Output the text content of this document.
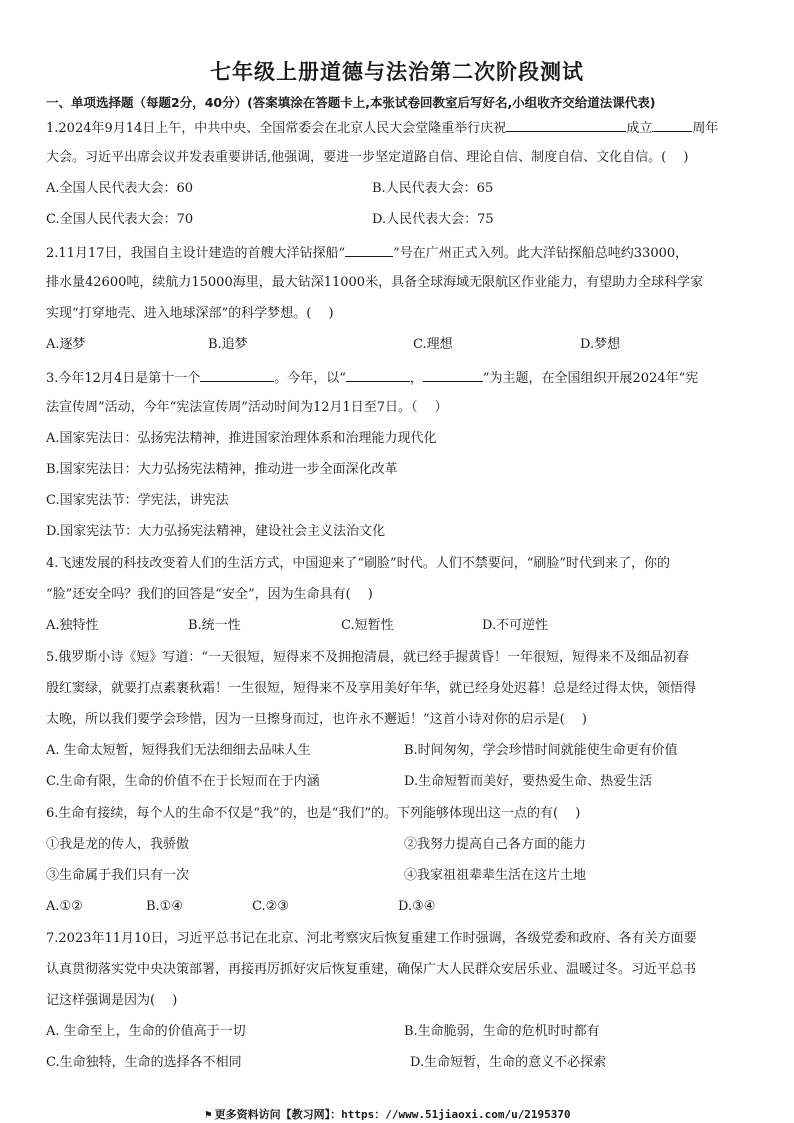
七年级上册道德与法治第二次阶段测试
一、单项选择题（每题2分，40分）(答案填涂在答题卡上,本张试卷回教室后写好名,小组收齐交给道法课代表)
1.2024年9月14日上午，中共中央、全国常委会在北京人民大会堂隆重举行庆祝	成立	周年
大会。习近平出席会议并发表重要讲话,他强调，要进一步坚定道路自信、理论自信、制度自信、文化自信。(　 )
A.全国人民代表大会：60	B.人民代表大会：65
C.全国人民代表大会：70	D.人民代表大会：75
2.11月17日，我国自主设计建造的首艘大洋钻探船“	”号在广州正式入列。此大洋钻探船总吨约33000，
排水量42600吨，续航力15000海里，最大钻深11000米，具备全球海域无限航区作业能力，有望助力全球科学家
实现“打穿地壳、进入地球深部”的科学梦想。(　 )
A.逐梦	B.追梦	C.理想	D.梦想
3.今年12月4日是第十一个	。今年，以“	，	”为主题，在全国组织开展2024年“宪
法宣传周”活动，今年“宪法宣传周”活动时间为12月1日至7日。（　 ）
A.国家宪法日：弘扬宪法精神，推进国家治理体系和治理能力现代化
B.国家宪法日：大力弘扬宪法精神，推动进一步全面深化改革
C.国家宪法节：学宪法，讲宪法
D.国家宪法节：大力弘扬宪法精神，建设社会主义法治文化
4.飞速发展的科技改变着人们的生活方式，中国迎来了“刷脸”时代。人们不禁要问，“刷脸”时代到来了，你的
“脸”还安全吗？我们的回答是“安全”，因为生命具有(　 )
A.独特性	B.统一性	C.短暂性	D.不可逆性
5.俄罗斯小诗《短》写道：“一天很短，短得来不及拥抱清晨，就已经手握黄昏！一年很短，短得来不及细品初春
殷红窦绿，就要打点素裹秋霜！一生很短，短得来不及享用美好年华，就已经身处迟暮！总是经过得太快，领悟得
太晚，所以我们要学会珍惜，因为一旦擦身而过，也许永不邂逅！”这首小诗对你的启示是(　 )
A. 生命太短暂，短得我们无法细细去品味人生	B.时间匆匆，学会珍惜时间就能使生命更有价值
C.生命有限，生命的价值不在于长短而在于内涵	D.生命短暂而美好，要热爱生命、热爱生活
6.生命有接续，每个人的生命不仅是“我”的，也是“我们”的。下列能够体现出这一点的有(　 )
①我是龙的传人，我骄傲	②我努力提高自己各方面的能力
③生命属于我们只有一次	④我家祖祖辈辈生活在这片土地
A.①②	B.①④	C.②③	D.③④
7.2023年11月10日，习近平总书记在北京、河北考察灾后恢复重建工作时强调，各级党委和政府、各有关方面要
认真贯彻落实党中央决策部署，再接再厉抓好灾后恢复重建，确保广大人民群众安居乐业、温暖过冬。习近平总书
记这样强调是因为(　 )
A. 生命至上，生命的价值高于一切	B.生命脆弱，生命的危机时时都有
C.生命独特，生命的选择各不相同	D.生命短暂，生命的意义不必探索
⚑ 更多资料访问【教习网】：https：//www.51jiaoxi.com/u/2195370
